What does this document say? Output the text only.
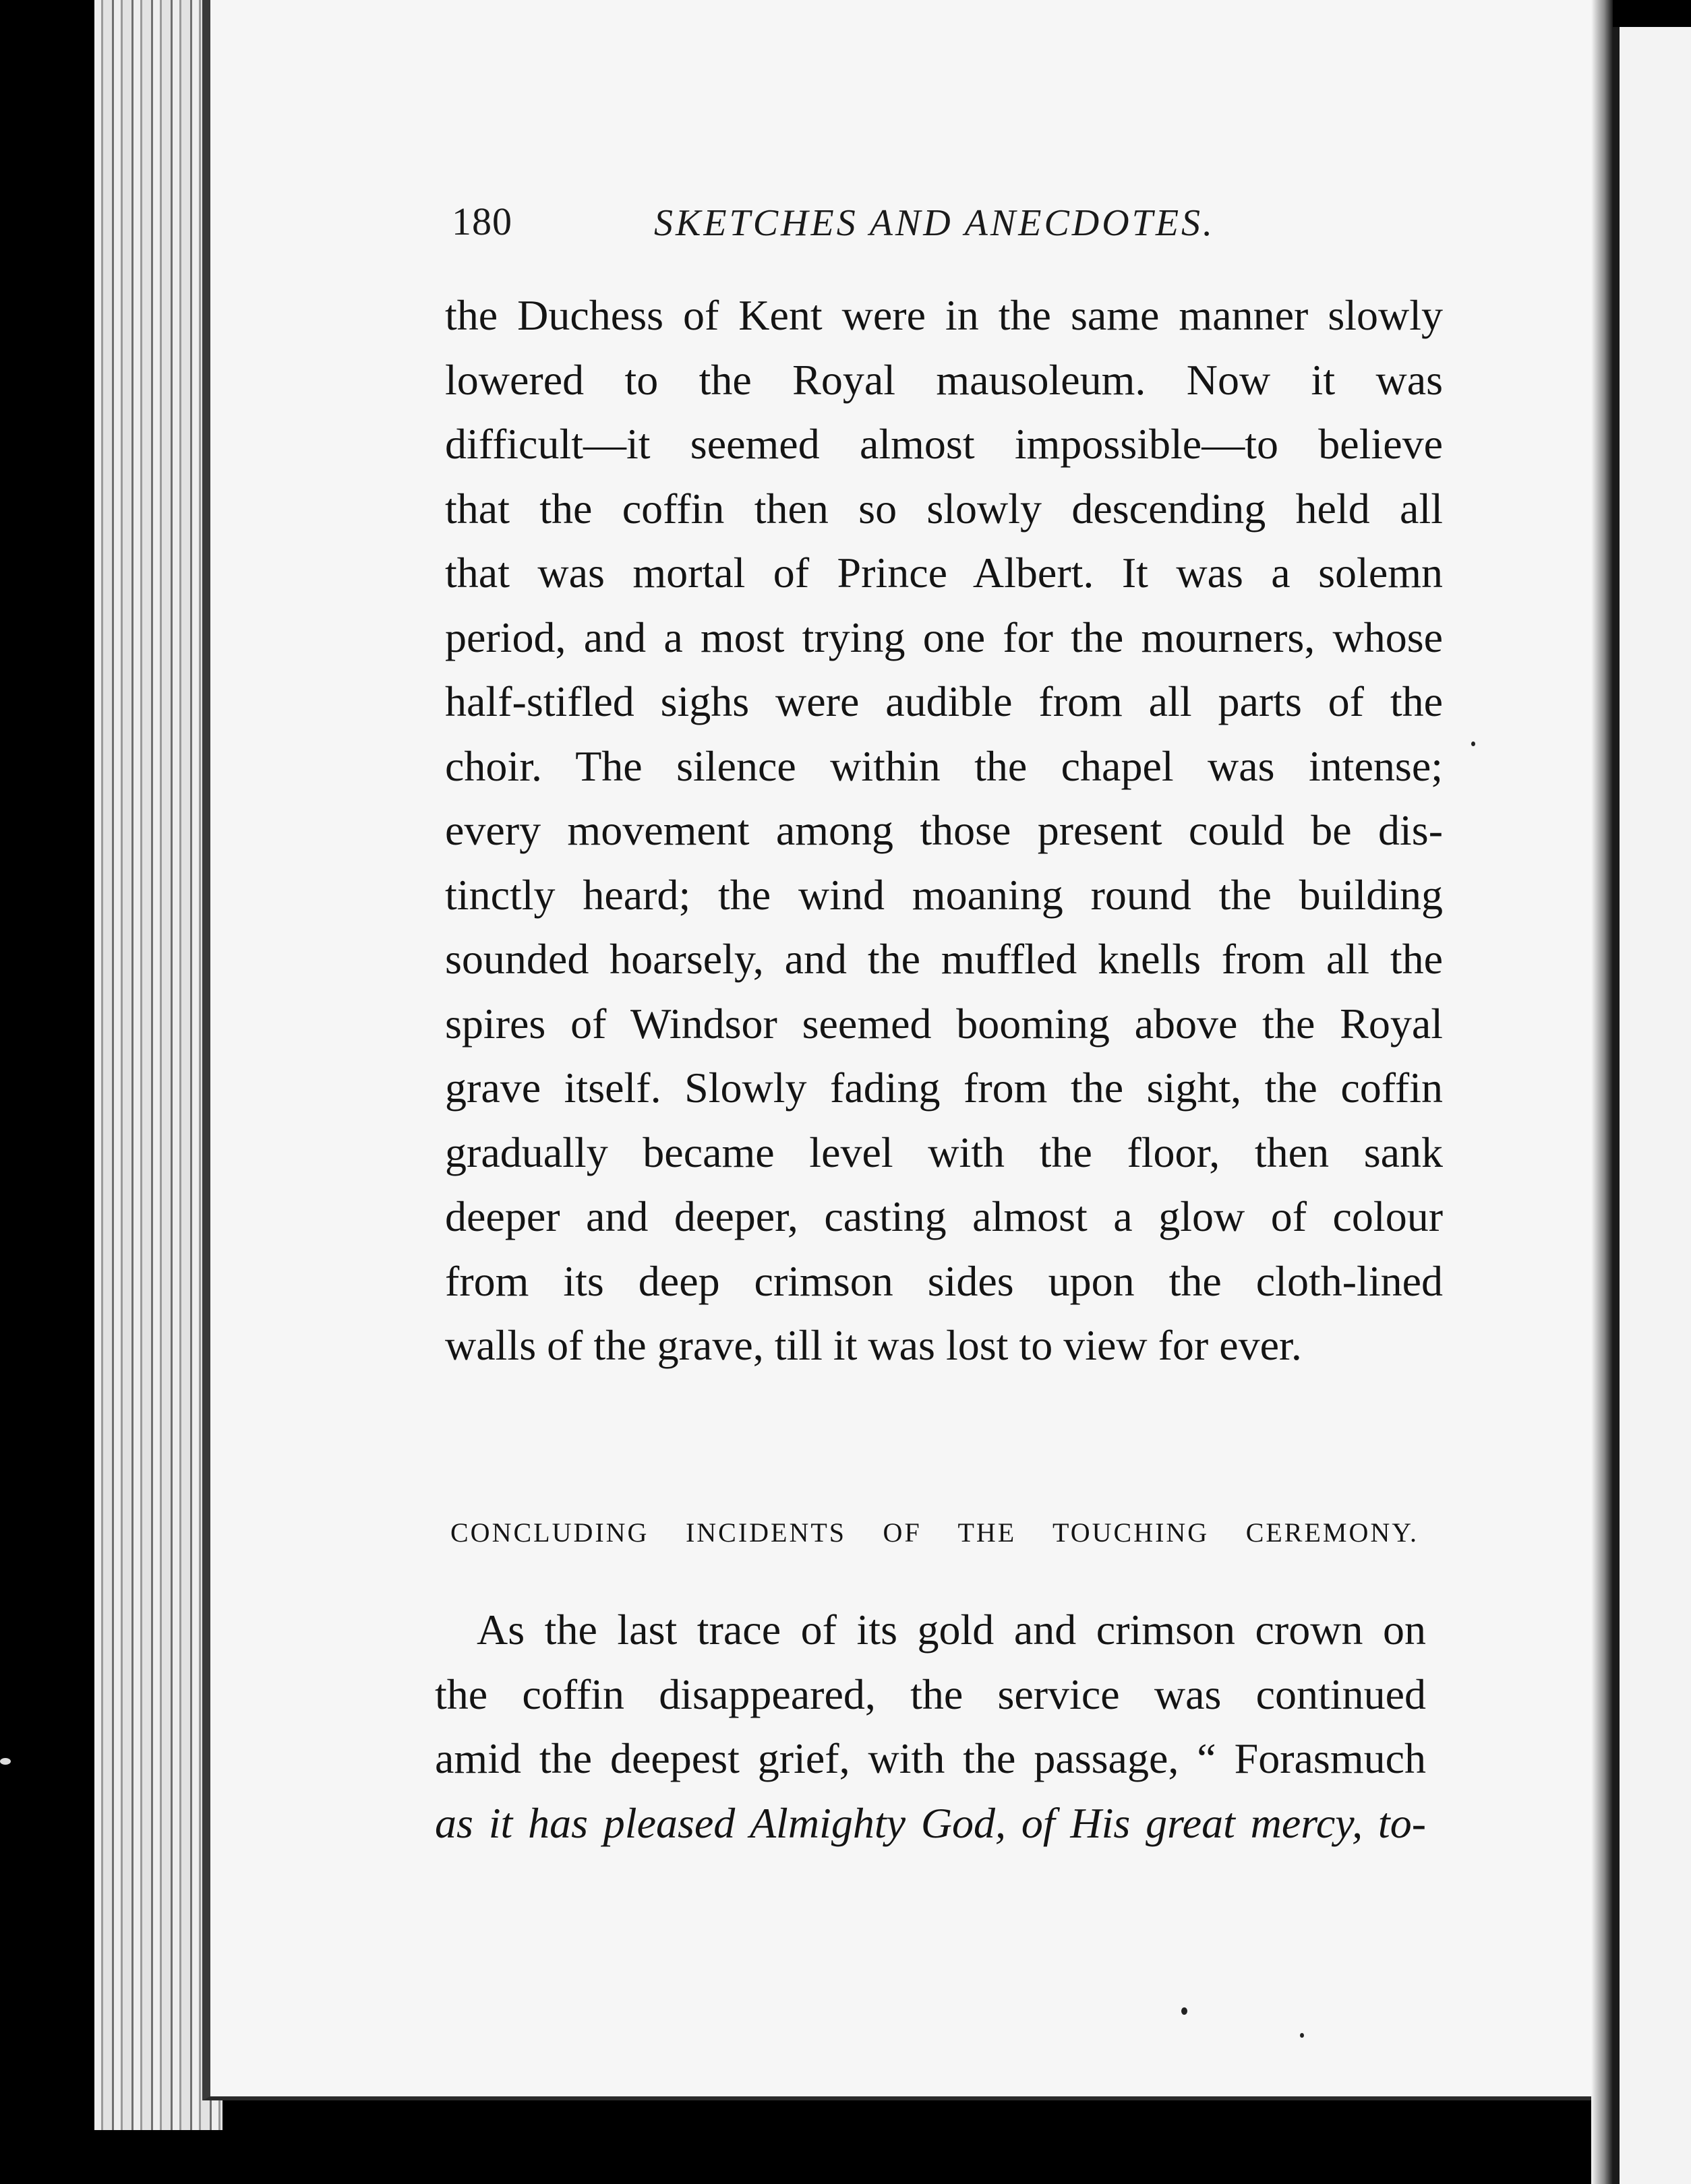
180	SKETCHES AND ANECDOTES.
the Duchess of Kent were in the same manner slowly
lowered to the Royal mausoleum. Now it was
difficult—it seemed almost impossible—to believe
that the coffin then so slowly descending held all
that was mortal of Prince Albert. It was a solemn
period, and a most trying one for the mourners, whose
half-stifled sighs were audible from all parts of the
choir. The silence within the chapel was intense;
every movement among those present could be dis-
tinctly heard; the wind moaning round the building
sounded hoarsely, and the muffled knells from all the
spires of Windsor seemed booming above the Royal
grave itself. Slowly fading from the sight, the coffin
gradually became level with the floor, then sank
deeper and deeper, casting almost a glow of colour
from its deep crimson sides upon the cloth-lined
walls of the grave, till it was lost to view for ever.
CONCLUDING INCIDENTS OF THE TOUCHING CEREMONY.
As the last trace of its gold and crimson crown on
the coffin disappeared, the service was continued
amid the deepest grief, with the passage, “ Forasmuch
as it has pleased Almighty God, of His great mercy, to-
